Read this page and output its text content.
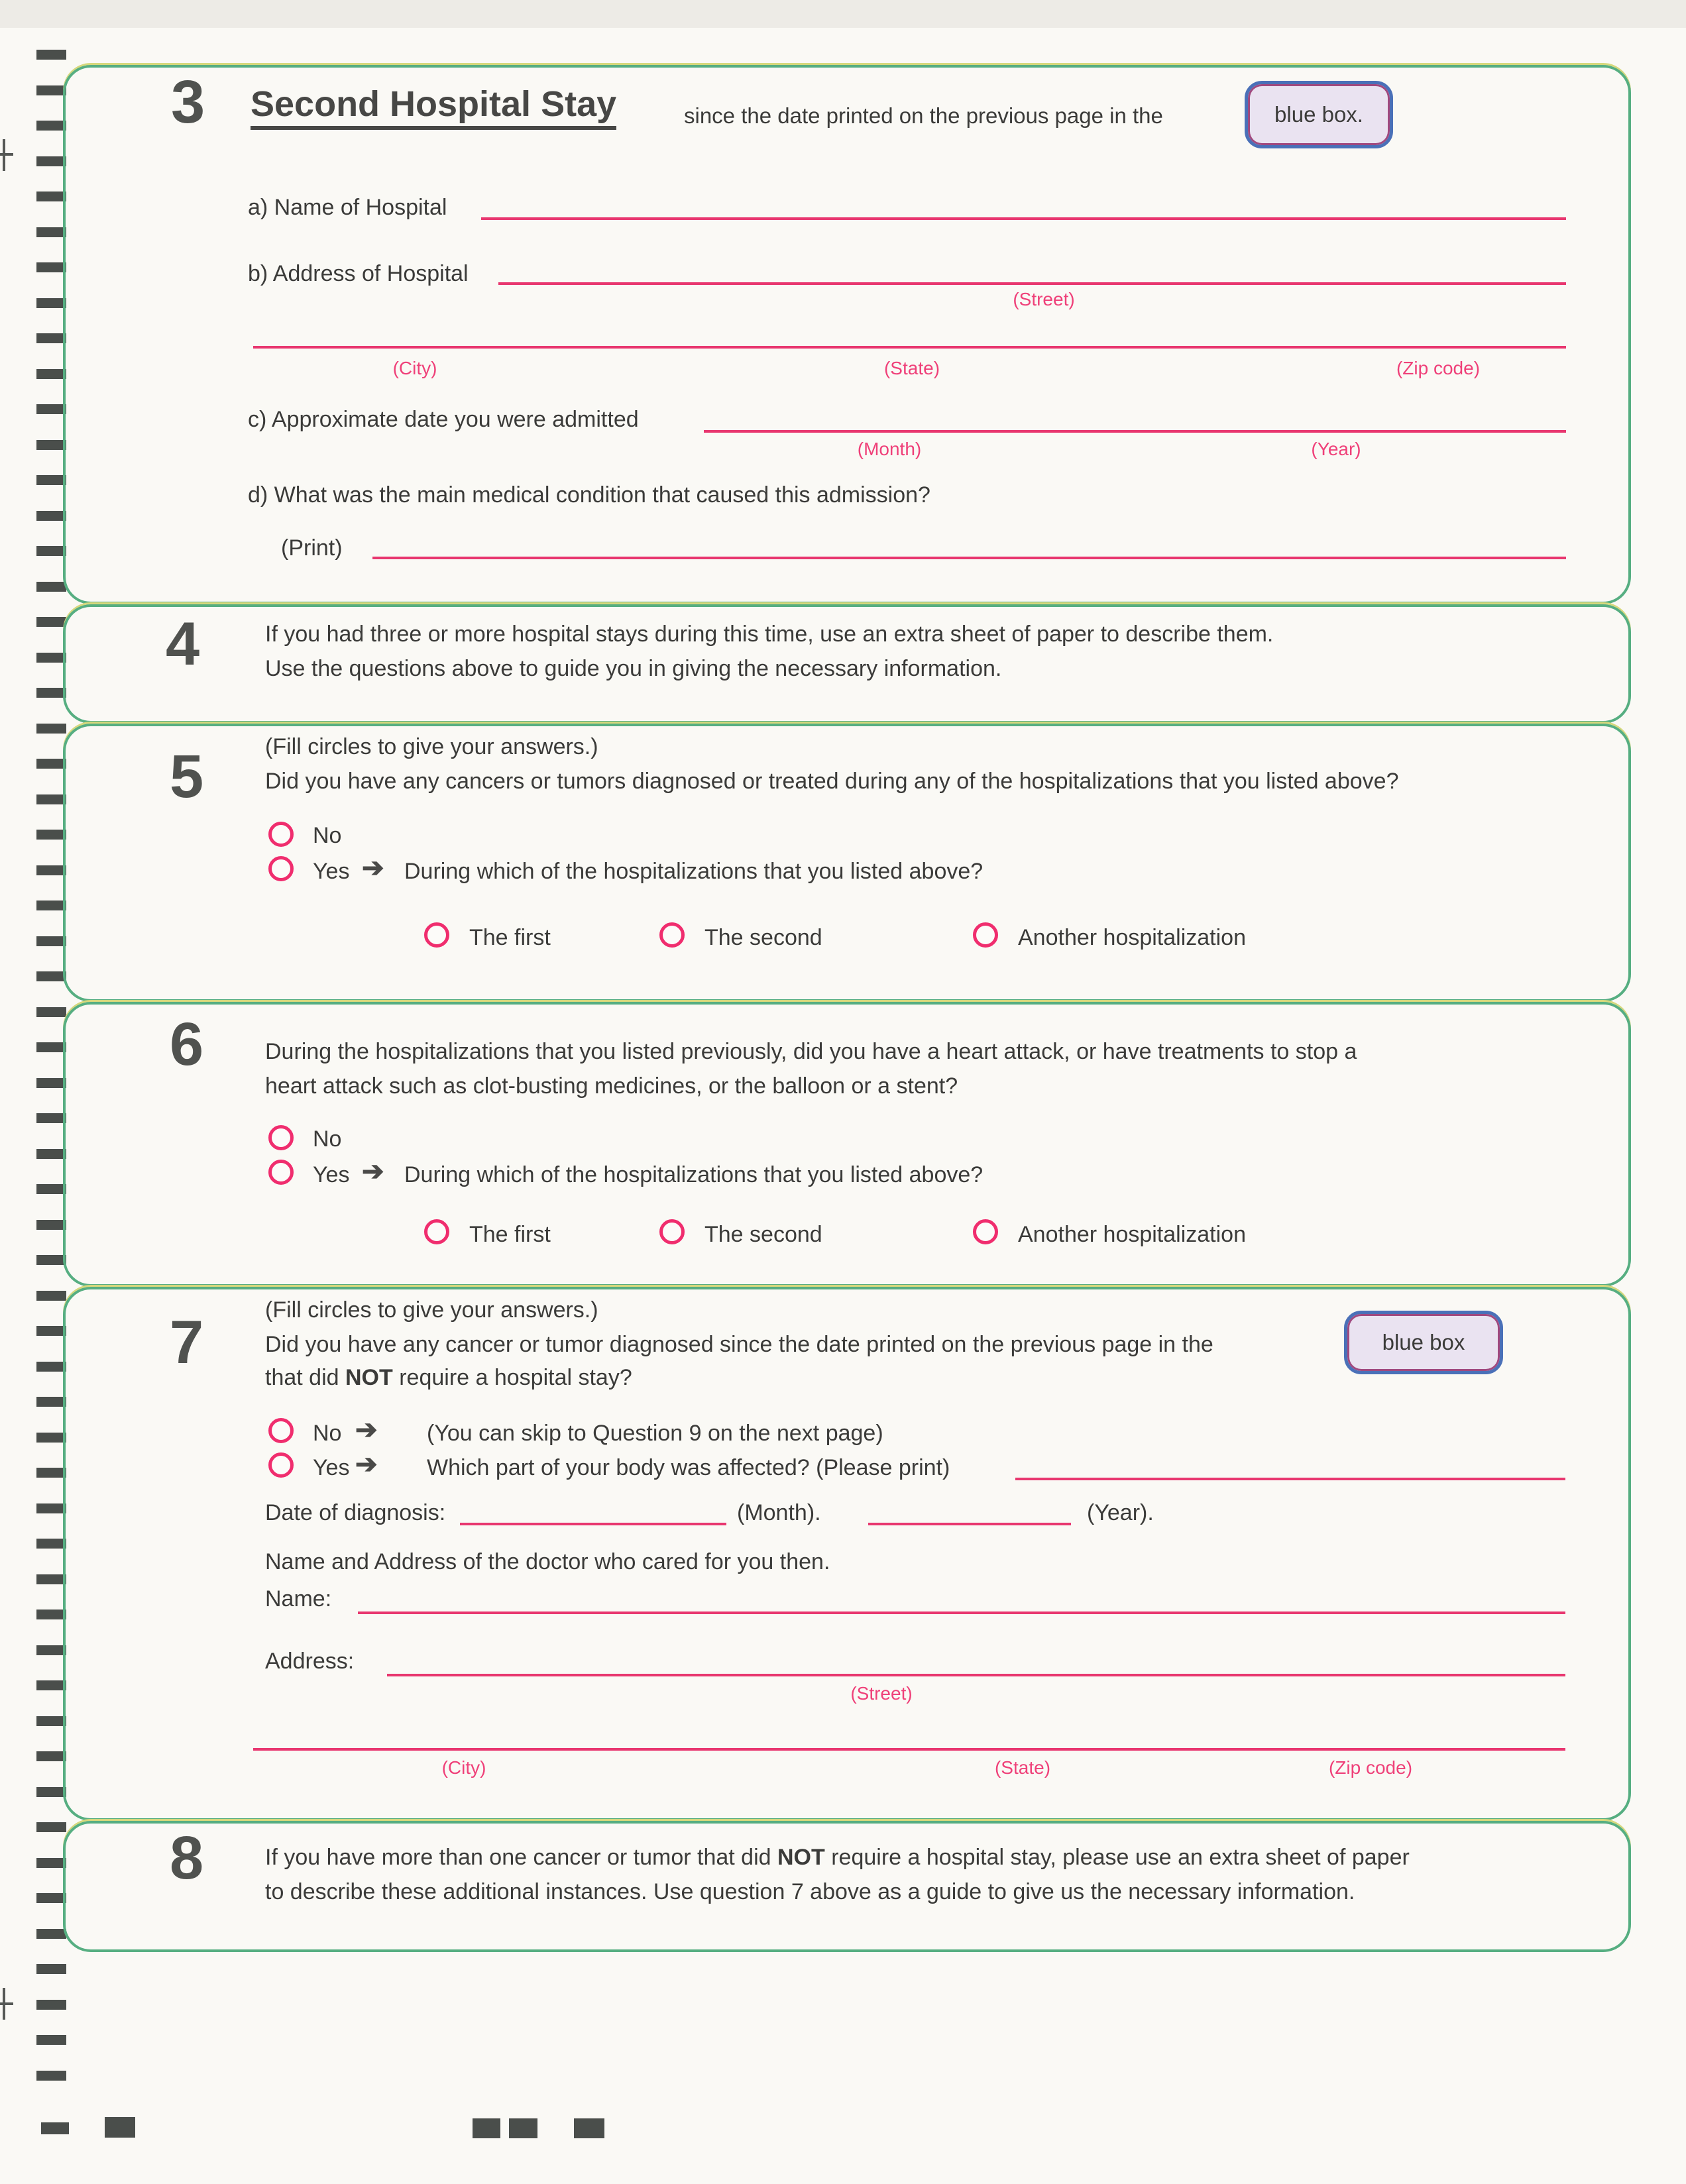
3 Second Hospital Stay	since the date printed on the previous page in the	blue box.
a) Name of Hospital
b) Address of Hospital
(Street)
(City)	(State)	(Zip code)
c) Approximate date you were admitted
(Month)	(Year)
d) What was the main medical condition that caused this admission?
(Print)
4	If you had three or more hospital stays during this time, use an extra sheet of paper to describe them.
Use the questions above to guide you in giving the necessary information.
(Fill circles to give your answers.)
5	Did you have any cancers or tumors diagnosed or treated during any of the hospitalizations that you listed above?
No
Yes ➔ During which of the hospitalizations that you listed above?
The first	The second	Another hospitalization
6	During the hospitalizations that you listed previously, did you have a heart attack, or have treatments to stop a
heart attack such as clot-busting medicines, or the balloon or a stent?
No
Yes ➔ During which of the hospitalizations that you listed above?
The first	The second	Another hospitalization
(Fill circles to give your answers.)
7	Did you have any cancer or tumor diagnosed since the date printed on the previous page in the	blue box
that did NOT require a hospital stay?
No ➔ (You can skip to Question 9 on the next page)
Yes ➔ Which part of your body was affected? (Please print)
Date of diagnosis:	(Month).	(Year).
Name and Address of the doctor who cared for you then.
Name:
Address:
(Street)
(City)	(State)	(Zip code)
8	If you have more than one cancer or tumor that did NOT require a hospital stay, please use an extra sheet of paper
to describe these additional instances. Use question 7 above as a guide to give us the necessary information.
